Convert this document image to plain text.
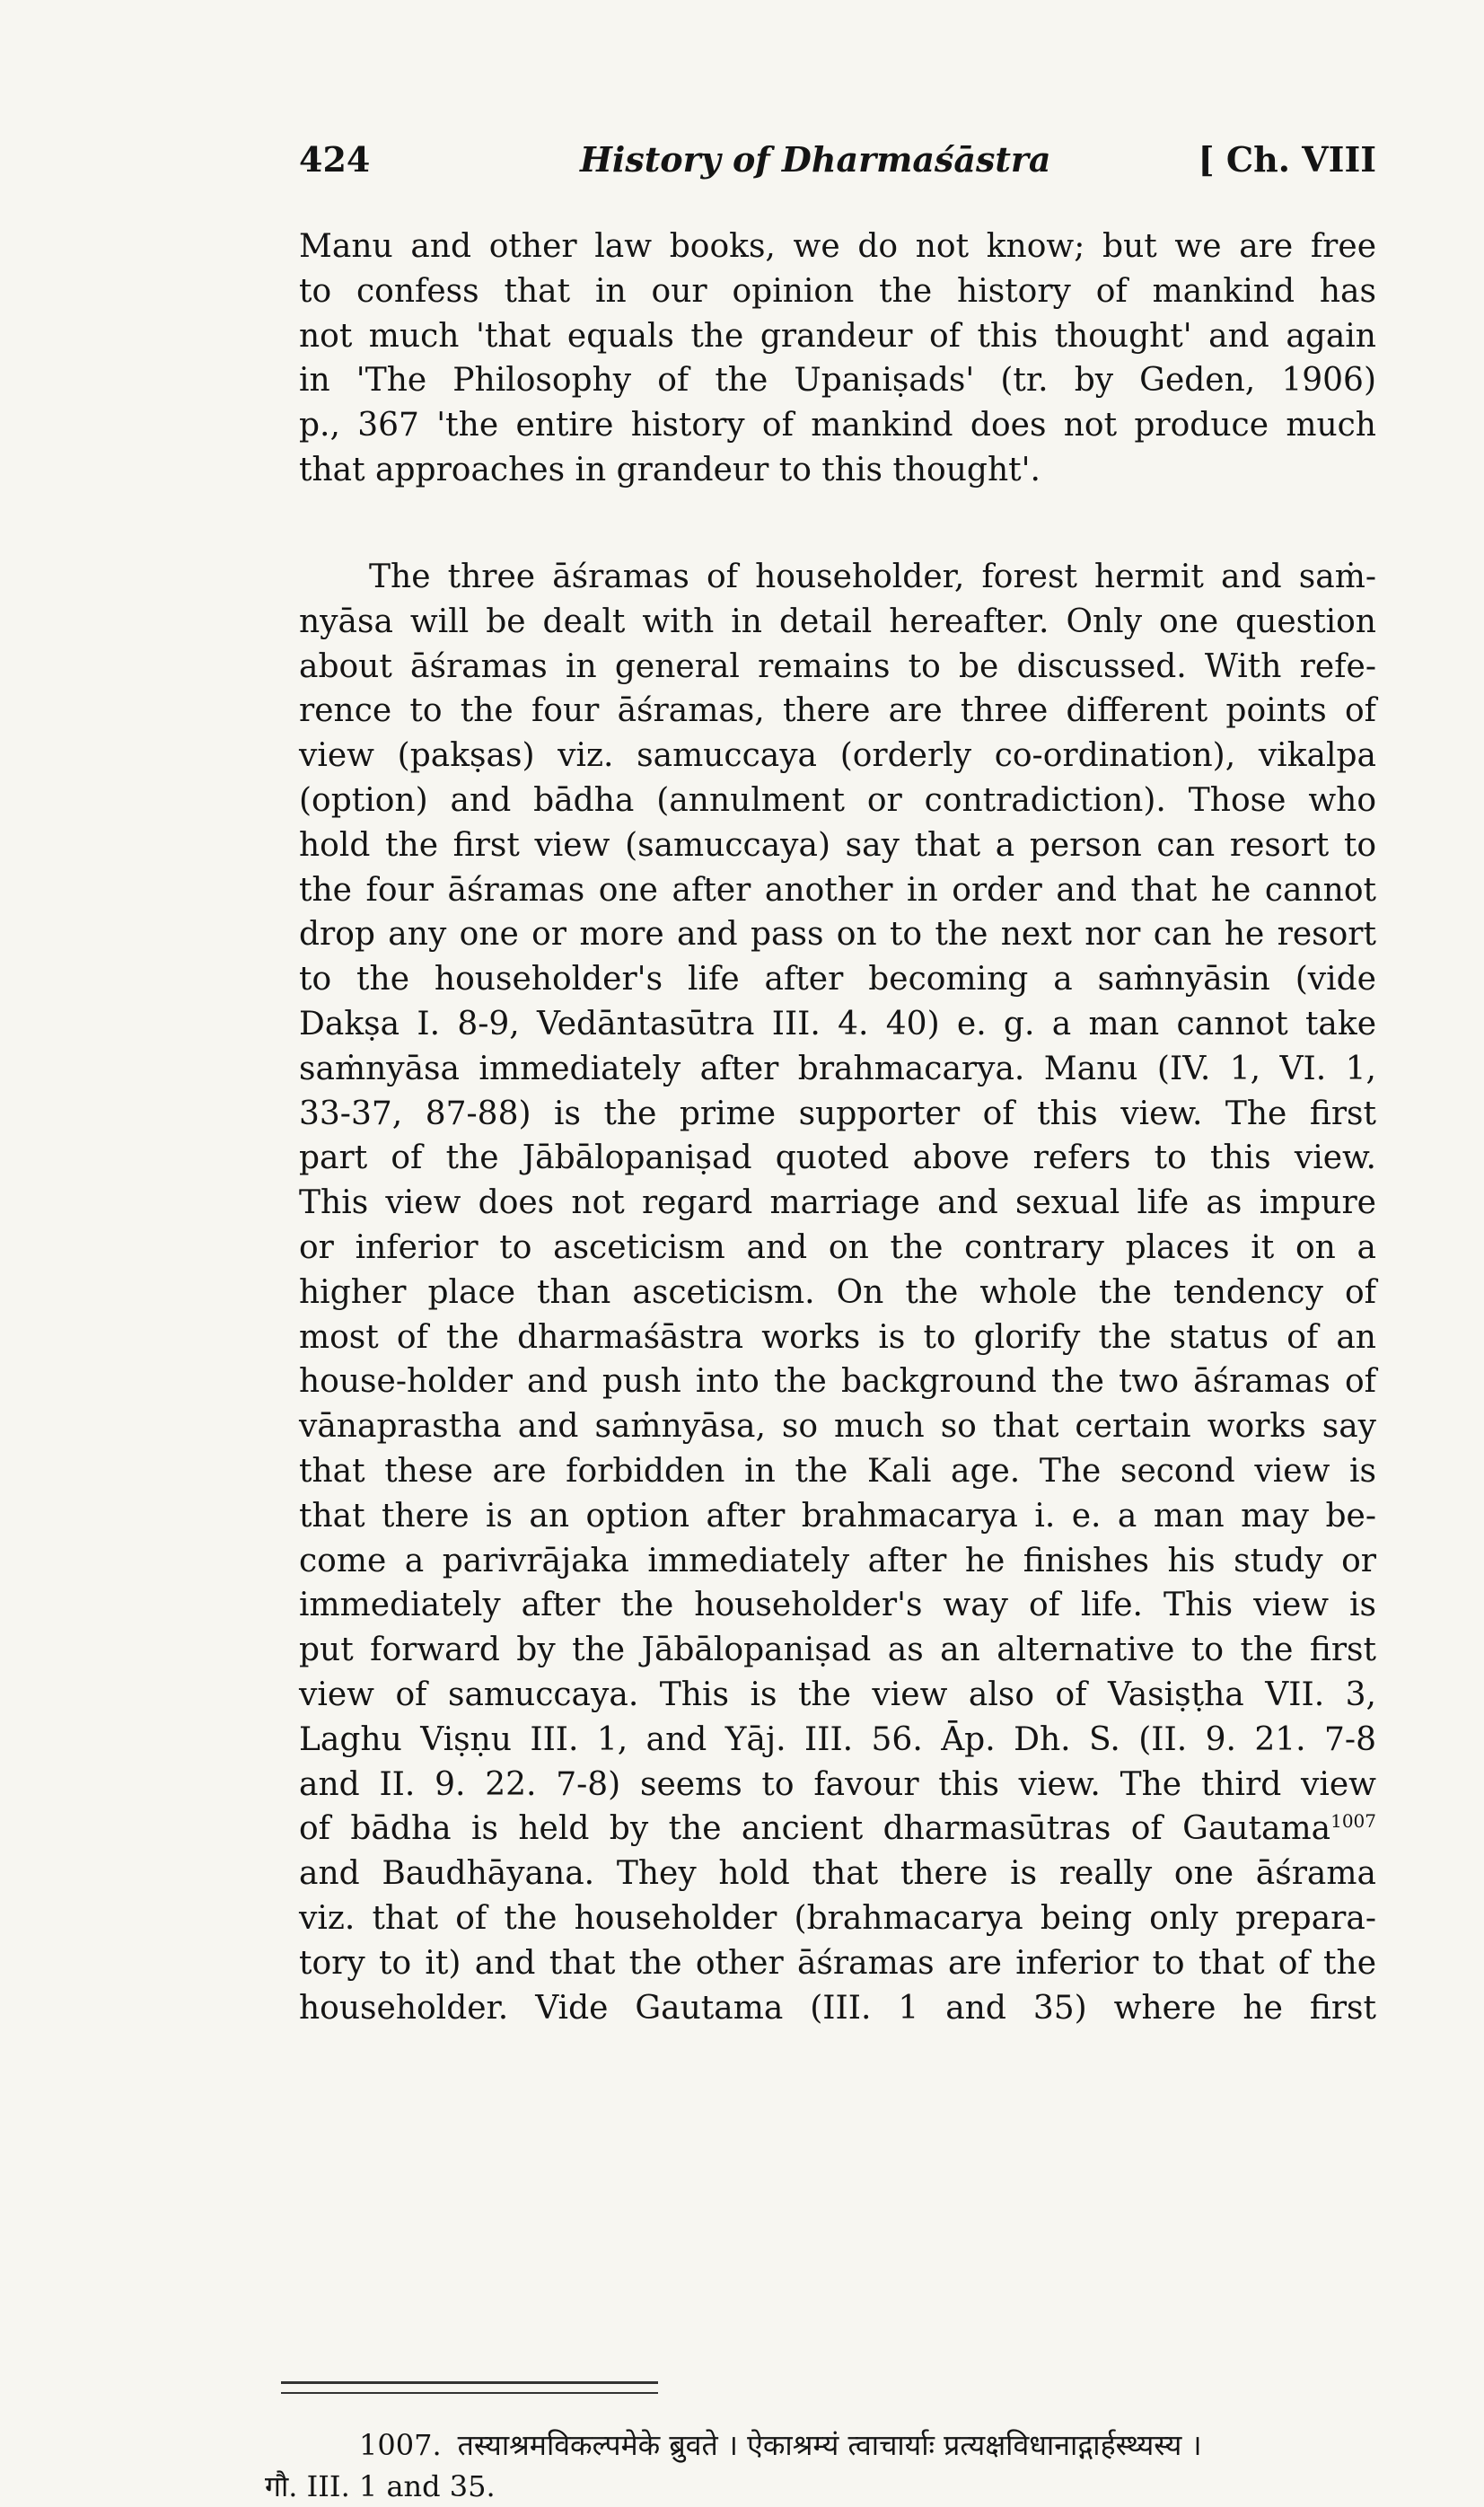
424	History of Dharmaśāstra	[ Ch. VIII
Manu and other law books, we do not know; but we are free
to confess that in our opinion the history of mankind has
not much 'that equals the grandeur of this thought' and again
in 'The Philosophy of the Upaniṣads' (tr. by Geden, 1906)
p., 367 'the entire history of mankind does not produce much
that approaches in grandeur to this thought'.
The three āśramas of householder, forest hermit and saṁ-
nyāsa will be dealt with in detail hereafter. Only one question
about āśramas in general remains to be discussed. With refe-
rence to the four āśramas, there are three different points of
view (pakṣas) viz. samuccaya (orderly co-ordination), vikalpa
(option) and bādha (annulment or contradiction). Those who
hold the first view (samuccaya) say that a person can resort to
the four āśramas one after another in order and that he cannot
drop any one or more and pass on to the next nor can he resort
to the householder's life after becoming a saṁnyāsin (vide
Dakṣa I. 8-9, Vedāntasūtra III. 4. 40) e. g. a man cannot take
saṁnyāsa immediately after brahmacarya. Manu (IV. 1, VI. 1,
33-37, 87-88) is the prime supporter of this view. The first
part of the Jābālopaniṣad quoted above refers to this view.
This view does not regard marriage and sexual life as impure
or inferior to asceticism and on the contrary places it on a
higher place than asceticism. On the whole the tendency of
most of the dharmaśāstra works is to glorify the status of an
house-holder and push into the background the two āśramas of
vānaprastha and saṁnyāsa, so much so that certain works say
that these are forbidden in the Kali age. The second view is
that there is an option after brahmacarya i. e. a man may be-
come a parivrājaka immediately after he finishes his study or
immediately after the householder's way of life. This view is
put forward by the Jābālopaniṣad as an alternative to the first
view of samuccaya. This is the view also of Vasiṣṭha VII. 3,
Laghu Viṣṇu III. 1, and Yāj. III. 56. Āp. Dh. S. (II. 9. 21. 7-8
and II. 9. 22. 7-8) seems to favour this view. The third view
of bādha is held by the ancient dharmasūtras of Gautama$^{1007}$
and Baudhāyana. They hold that there is really one āśrama
viz. that of the householder (brahmacarya being only prepara-
tory to it) and that the other āśramas are inferior to that of the
householder. Vide Gautama (III. 1 and 35) where he first
1007. तस्याश्रमविकल्पमेके ब्रुवते । ऐकाश्रम्यं त्वाचार्याः प्रत्यक्षविधानाद्गार्हस्थ्यस्य ।
गौ. III. 1 and 35.
